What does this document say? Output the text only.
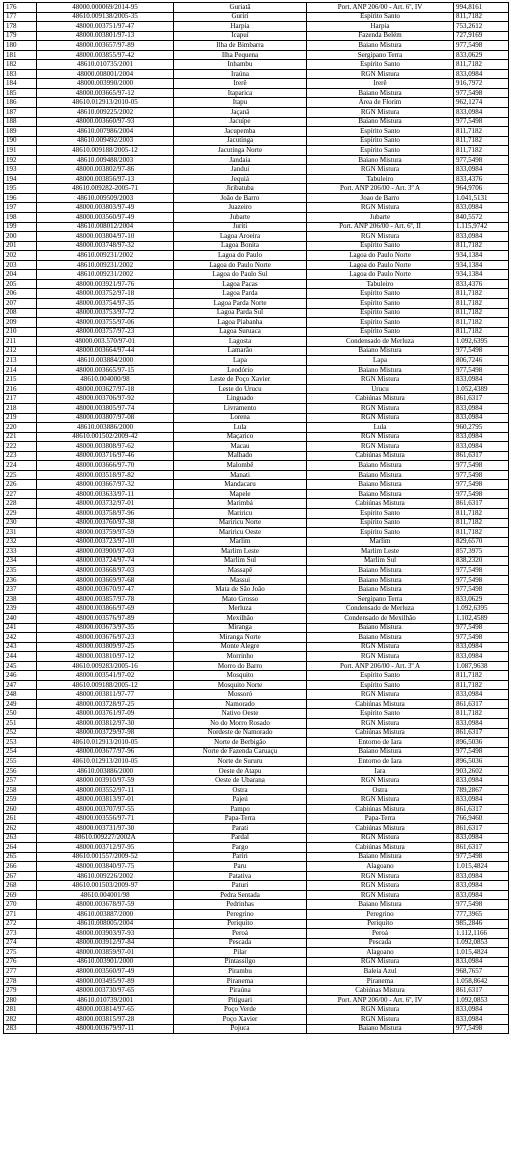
176	48000.000069/2014-95	Guriatã	Port. ANP 206/00 - Art. 6º, IV	994,8161
177	48610.009138/2005-35	Guriri	Espírito Santo	811,7182
178	48000.003751/97-47	Harpia	Harpia	753,2612
179	48000.003801/97-13	Icapuí	Fazenda Belém	727,9169
180	48000.003657/97-89	Ilha de Bimbarra	Baiano Mistura	977,5498
181	48000.003855/97-42	Ilha Pequena	Sergipano Terra	833,0629
182	48610.010735/2001	Inhambu	Espírito Santo	811,7182
183	48000.008001/2004	Iraúna	RGN Mistura	833,0984
184	48000.003990/2000	Irerê	Irerê	916,7972
185	48000.003665/97-12	Itaparica	Baiano Mistura	977,5498
186	48610.012913/2010-05	Itapu	Área de Florim	962,1274
187	48610.009225/2002	Jaçanã	RGN Mistura	833,0984
188	48000.003660/97-93	Jacuípe	Baiano Mistura	977,5498
189	48610.007986/2004	Jacupemba	Espírito Santo	811,7182
190	48610.009492/2003	Jacutinga	Espírito Santo	811,7182
191	48610.009188/2005-12	Jacutinga Norte	Espírito Santo	811,7182
192	48610.009488/2003	Jandaia	Baiano Mistura	977,5498
193	48000.003802/97-86	Jandui	RGN Mistura	833,0984
194	48000.003856/97-13	Jequiá	Tabuleiro	833,4376
195	48610.009282-2005-71	Jiribatuba	Port. ANP 206/00 - Art. 3º A	964,9706
196	48610.009509/2003	João de Barro	Joao de Barro	1.041,5131
197	48000.003803/97-49	Juazeiro	RGN Mistura	833,0984
198	48000.003560/97-49	Jubarte	Jubarte	840,5572
199	48610.008012/2004	Juriti	Port. ANP 206/00 - Art. 6º, II	1.115,9742
200	48000.003804/97-10	Lagoa Aroeira	RGN Mistura	833,0984
201	48000.003748/97-32	Lagoa Bonita	Espírito Santo	811,7182
202	48610.009231/2002	Lagoa do Paulo	Lagoa do Paulo Norte	934,1384
203	48610.009231/2002	Lagoa do Paulo Norte	Lagoa do Paulo Norte	934,1384
204	48610.009231/2002	Lagoa do Paulo Sul	Lagoa do Paulo Norte	934,1384
205	48000.003921/97-76	Lagoa Pacas	Tabuleiro	833,4376
206	48000.003752/97-18	Lagoa Parda	Espírito Santo	811,7182
207	48000.003754/97-35	Lagoa Parda Norte	Espírito Santo	811,7182
208	48000.003753/97-72	Lagoa Parda Sul	Espírito Santo	811,7182
209	48000.003755/97-06	Lagoa Piabanha	Espírito Santo	811,7182
210	48000.003757/97-23	Lagoa Suruaca	Espírito Santo	811,7182
211	48000.003.570/97-01	Lagosta	Condensado de Merluza	1.092,6395
212	48000.003664/97-44	Lamarão	Baiano Mistura	977,5498
213	48610.003884/2000	Lapa	Lapa	806,7246
214	48000.003665/97-15	Leodório	Baiano Mistura	977,5498
215	48610.004000/98	Leste de Poço Xavier	RGN Mistura	833,0984
216	48000.003627/97-18	Leste do Urucu	Urucu	1.052,4389
217	48000.003706/97-92	Linguado	Cabiúnas Mistura	861,6317
218	48000.003805/97-74	Livramento	RGN Mistura	833,0984
219	48000.003807/97-08	Lorena	RGN Mistura	833,0984
220	48610.003886/2000	Lula	Lula	960,2795
221	48610.001502/2009-42	Maçarico	RGN Mistura	833,0984
222	48000.003808/97-62	Macau	RGN Mistura	833,0984
223	48000.003716/97-46	Malhado	Cabiúnas Mistura	861,6317
224	48000.003666/97-70	Malombê	Baiano Mistura	977,5498
225	48000.003518/97-82	Manati	Baiano Mistura	977,5498
226	48000.003667/97-32	Mandacaru	Baiano Mistura	977,5498
227	48000.003633/97-11	Mapele	Baiano Mistura	977,5498
228	48000.003732/97-01	Marimbá	Cabiúnas Mistura	861,6317
229	48000.003758/97-96	Mariricu	Espírito Santo	811,7182
230	48000.003760/97-38	Mariricu Norte	Espírito Santo	811,7182
231	48000.003759/97-59	Mariricu Oeste	Espírito Santo	811,7182
232	48000.003723/97-10	Marlim	Marlim	829,6570
233	48000.003900/97-03	Marlim Leste	Marlim Leste	857,3975
234	48000.003724/97-74	Marlim Sul	Marlim Sul	838,2320
235	48000.003668/97-03	Massapê	Baiano Mistura	977,5498
236	48000.003669/97-68	Massuí	Baiano Mistura	977,5498
237	48000.003670/97-47	Mata de São João	Baiano Mistura	977,5498
238	48000.003857/97-78	Mato Grosso	Sergipano Terra	833,0629
239	48000.003866/97-69	Merluza	Condensado de Merluza	1.092,6395
240	48000.003576/97-89	Mexilhão	Condensado de Mexilhão	1.102,4589
241	48000.003673/97-35	Miranga	Baiano Mistura	977,5498
242	48000.003676/97-23	Miranga Norte	Baiano Mistura	977,5498
243	48000.003809/97-25	Monte Alegre	RGN Mistura	833,0984
244	48000.003810/97-12	Morrinho	RGN Mistura	833,0984
245	48610.009283/2005-16	Morro do Barro	Port. ANP 206/00 - Art. 3º A	1.087,9638
246	48000.003541/97-02	Mosquito	Espírito Santo	811,7182
247	48610.009188/2005-12	Mosquito Norte	Espírito Santo	811,7182
248	48000.003811/97-77	Mossoró	RGN Mistura	833,0984
249	48000.003728/97-25	Namorado	Cabiúnas Mistura	861,6317
250	48000.003761/97-09	Nativo Oeste	Espírito Santo	811,7182
251	48000.003812/97-30	No do Morro Rosado	RGN Mistura	833,0984
252	48000.003729/97-98	Nordeste de Namorado	Cabiúnas Mistura	861,6317
253	48610.012913/2010-05	Norte de Berbigão	Entorno de Iara	896,5036
254	48000.003677/97-96	Norte de Fazenda Caruaçu	Baiano Mistura	977,5498
255	48610.012913/2010-05	Norte de Sururu	Entorno de Iara	896,5036
256	48610.003886/2000	Oeste de Atapu	Iara	903,2602
257	48000.003910/97-59	Oeste de Ubarana	RGN Mistura	833,0984
258	48000.003552/97-11	Ostra	Ostra	789,2867
259	48000.003813/97-01	Pajeú	RGN Mistura	833,0984
260	48000.003707/97-55	Pampo	Cabiúnas Mistura	861,6317
261	48000.003556/97-71	Papa-Terra	Papa-Terra	766,9460
262	48000.003731/97-30	Parati	Cabiúnas Mistura	861,6317
263	48610.009227/2002A	Pardal	RGN Mistura	833,0984
264	48000.003712/97-95	Pargo	Cabiúnas Mistura	861,6317
265	48610.001557/2009-52	Pariri	Baiano Mistura	977,5498
266	48000.003840/97-75	Paru	Alagoano	1.015,4824
267	48610.009226/2002	Patativa	RGN Mistura	833,0984
268	48610.001503/2009-97	Paturi	RGN Mistura	833,0984
269	48610.004001/98	Pedra Sentada	RGN Mistura	833,0984
270	48000.003678/97-59	Pedrinhas	Baiano Mistura	977,5498
271	48610.003887/2000	Peregrino	Peregrino	777,3965
272	48610.008005/2004	Periquito	Periquito	985,2846
273	48000.003903/97-93	Peroá	Peroá	1.112,1166
274	48000.003912/97-84	Pescada	Pescada	1.092,0853
275	48000.003859/97-01	Pilar	Alagoano	1.015,4824
276	48610.003901/2000	Pintassilgo	RGN Mistura	833,0984
277	48000.003560/97-49	Pirambu	Baleia Azul	968,7657
278	48000.003495/97-89	Piranema	Piranema	1.058,8642
279	48000.003730/97-65	Piraúna	Cabiúnas Mistura	861,6317
280	48610.010739/2001	Pitiguari	Port. ANP 206/00 - Art. 6º, IV	1.092,0853
281	48000.003814/97-65	Poço Verde	RGN Mistura	833,0984
282	48000.003815/97-28	Poço Xavier	RGN Mistura	833,0984
283	48000.003679/97-11	Pojuca	Baiano Mistura	977,5498
